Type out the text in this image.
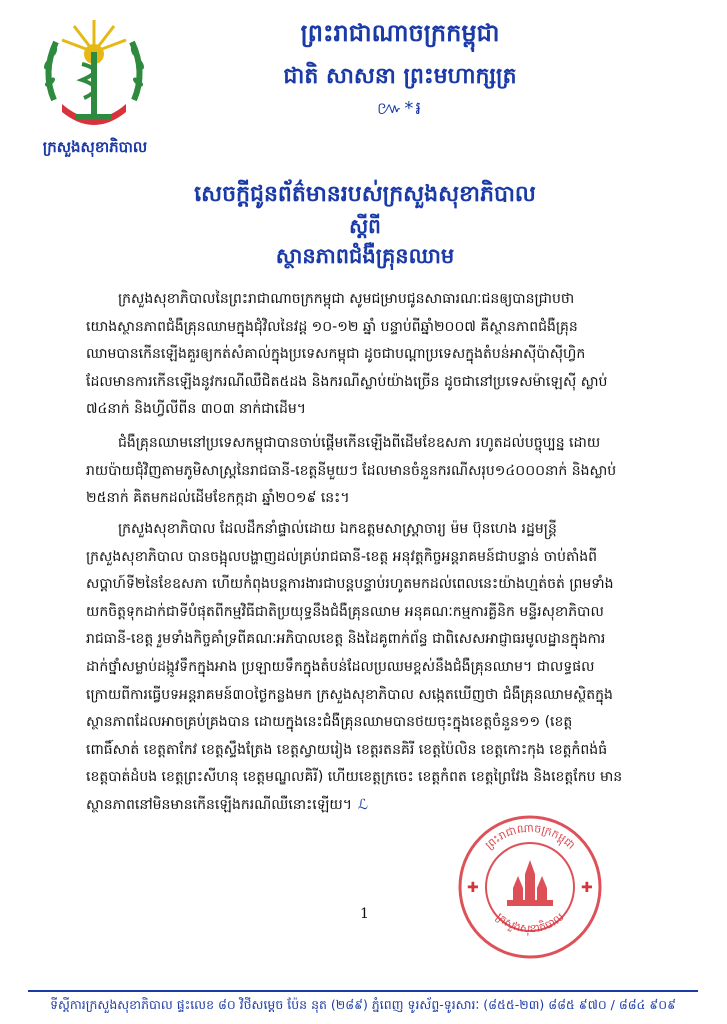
ក្រសួងសុខាភិបាល
ព្រះរាជាណាចក្រកម្ពុជា
ជាតិ សាសនា ព្រះមហាក្សត្រ
៚*៛
សេចក្តីជូនព័ត៌មានរបស់ក្រសួងសុខាភិបាល
ស្តីពី
ស្ថានភាពជំងឺគ្រុនឈាម
ក្រសួងសុខាភិបាលនៃព្រះរាជាណាចក្រកម្ពុជា សូមជម្រាបជូនសាធារណៈជនឲ្យបានជ្រាបថា
យោងស្ថានភាពជំងឺគ្រុនឈាមក្នុងជុំវិលនៃវដ្ត ១០-១២ ឆ្នាំ បន្ទាប់ពីឆ្នាំ២០០៧ គឺស្ថានភាពជំងឺគ្រុន
ឈាមបានកើនឡើងគួរឲ្យកត់សំគាល់ក្នុងប្រទេសកម្ពុជា ដូចជាបណ្តាប្រទេសក្នុងតំបន់អាស៊ីប៉ាស៊ីហ្វិក
ដែលមានការកើនឡើងនូវករណីឈឺជិត៥ដង និងករណីស្លាប់យ៉ាងច្រើន ដូចជានៅប្រទេសម៉ាឡេស៊ី ស្លាប់
៧៤នាក់ និងហ្វីលីពីន ៣០៣ នាក់ជាដើម។
ជំងឺគ្រុនឈាមនៅប្រទេសកម្ពុជាបានចាប់ផ្តើមកើនឡើងពីដើមខែឧសភា រហូតដល់បច្ចុប្បន្ន ដោយ
រាយប៉ាយជុំវិញតាមភូមិសាស្ត្រនៃរាជធានី-ខេត្តនីមួយៗ ដែលមានចំនួនករណីសរុប១៤០០០នាក់ និងស្លាប់
២៥នាក់ គិតមកដល់ដើមខែកក្កដា ឆ្នាំ២០១៩ នេះ។
ក្រសួងសុខាភិបាល ដែលដឹកនាំផ្ទាល់ដោយ ឯកឧត្តមសាស្ត្រាចារ្យ ម៉ម ប៊ុនហេង រដ្ឋមន្ត្រី
ក្រសួងសុខាភិបាល បានចង្អុលបង្ហាញដល់គ្រប់រាជធានី-ខេត្ត អនុវត្តកិច្ចអន្តរាគមន៍ជាបន្ទាន់ ចាប់តាំងពី
សប្តាហ៍ទី២នៃខែឧសភា ហើយកំពុងបន្តការងារជាបន្តបន្ទាប់រហូតមកដល់ពេលនេះយ៉ាងហ្មត់ចត់ ព្រមទាំង
យកចិត្តទុកដាក់ជាទីបំផុតពីកម្មវិធីជាតិប្រយុទ្ធនឹងជំងឺគ្រុនឈាម អនុគណៈកម្មការគ្លីនិក មន្ទីរសុខាភិបាល
រាជធានី-ខេត្ត រួមទាំងកិច្ចគាំទ្រពីគណៈអភិបាលខេត្ត និងដៃគូពាក់ព័ន្ធ ជាពិសេសអាជ្ញាធរមូលដ្ឋានក្នុងការ
ដាក់ថ្នាំសម្លាប់ដង្កូវទឹកក្នុងអាង ប្រឡាយទឹកក្នុងតំបន់ដែលប្រឈមខ្ពស់នឹងជំងឺគ្រុនឈាម។ ជាលទ្ធផល
ក្រោយពីការធ្វើបទអន្តរាគមន៍៣០ថ្ងៃកន្លងមក ក្រសួងសុខាភិបាល សង្កេតឃើញថា ជំងឺគ្រុនឈាមស្ថិតក្នុង
ស្ថានភាពដែលអាចគ្រប់គ្រងបាន ដោយក្នុងនេះជំងឺគ្រុនឈាមបានថយចុះក្នុងខេត្តចំនួន១១ (ខេត្ត
ពោធិ៍សាត់ ខេត្តតាកែវ ខេត្តស្ទឹងត្រែង ខេត្តស្វាយរៀង ខេត្តរតនគិរី ខេត្តប៉ៃលិន ខេត្តកោះកុង ខេត្តកំពង់ធំ
ខេត្តបាត់ដំបង ខេត្តព្រះសីហនុ ខេត្តមណ្ឌលគិរី) ហើយខេត្តក្រចេះ ខេត្តកំពត ខេត្តព្រៃវែង និងខេត្តកែប មាន
ស្ថានភាពនៅមិនមានកើនឡើងករណីឈឺនោះឡើយ។ ℒ
ព្រះរាជាណាចក្រកម្ពុជា
ក្រសួងសុខាភិបាល
✚	✚
1
ទីស្តីការក្រសួងសុខាភិបាល ផ្ទះលេខ ៨០ វិថីសម្តេច ប៉ែន នុត (២៨៩) ភ្នំពេញ ទូរស័ព្ទ-ទូរសារៈ (៨៥៥-២៣) ៨៨៥ ៩៧០ / ៨៨៤ ៩០៩
